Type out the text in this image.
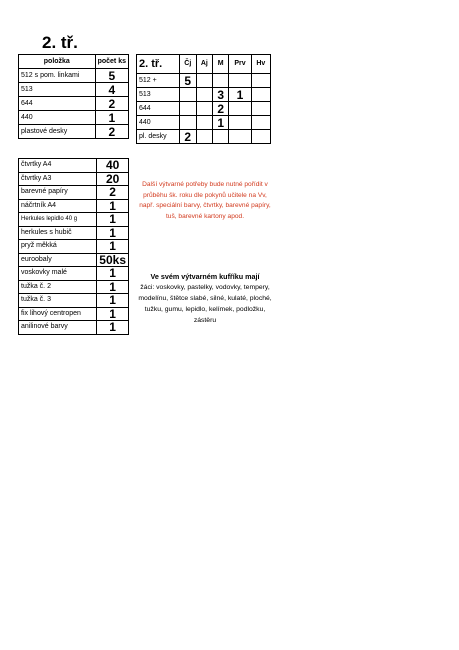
2. tř.
položka	počet ks
512 s pom. linkami	5
513	4
644	2
440	1
plastové desky	2
2. tř.	Čj	Aj	M	Prv	Hv
512 +	5				
513			3	1	
644			2		
440			1		
pl. desky	2				
čtvrtky A4	40
čtvrtky A3	20
barevné papíry	2
náčrtník A4	1
Herkules lepidlo 40 g	1
herkules s hubič	1
pryž měkká	1
euroobaly	50ks
voskovky malé	1
tužka č. 2	1
tužka č. 3	1
fix lihový centropen	1
anilinové barvy	1
Další výtvarné potřeby bude nutné pořídit v průběhu šk. roku dle pokynů učitele na Vv, např. speciální barvy, čtvrtky, barevné papíry, tuš, barevné kartony apod.
Ve svém výtvarném kufříku mají
žáci: voskovky, pastelky, vodovky, tempery, modelínu, štětce slabé, silné, kulaté, ploché, tužku, gumu, lepidlo, kelímek, podložku, zástěru
